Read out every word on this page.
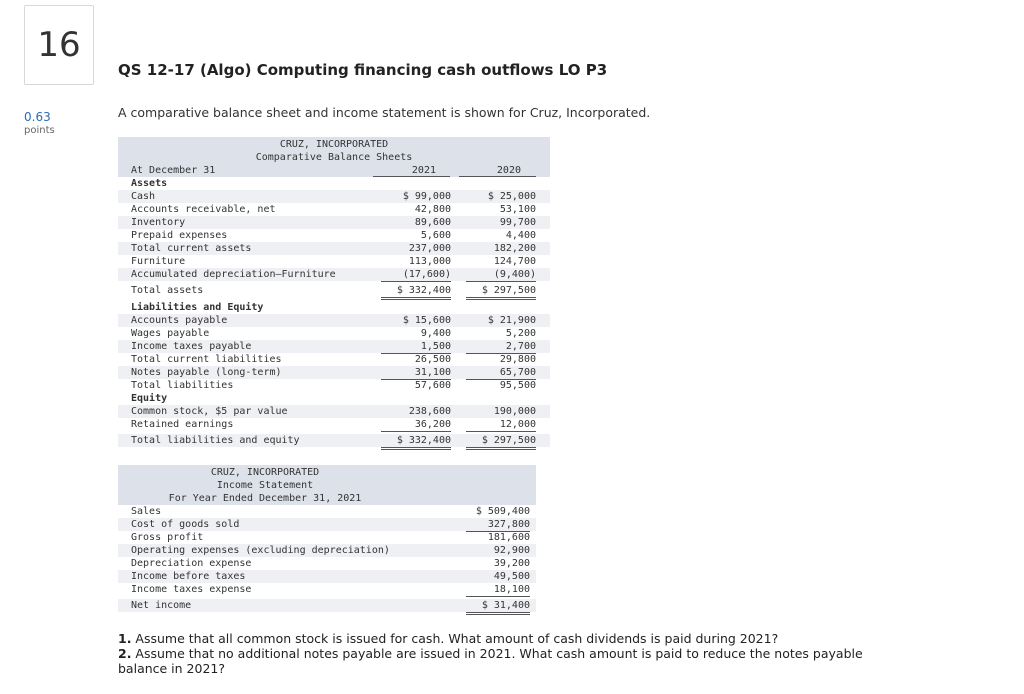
16
0.63
points
QS 12-17 (Algo) Computing financing cash outflows LO P3
A comparative balance sheet and income statement is shown for Cruz, Incorporated.
CRUZ, INCORPORATED
Comparative Balance Sheets
At December 31	2021	2020
Assets
Cash	$ 99,000	$ 25,000
Accounts receivable, net	42,800	53,100
Inventory	89,600	99,700
Prepaid expenses	5,600	4,400
Total current assets	237,000	182,200
Furniture	113,000	124,700
Accumulated depreciation—Furniture	(17,600)	(9,400)
Total assets	$ 332,400	$ 297,500
Liabilities and Equity
Accounts payable	$ 15,600	$ 21,900
Wages payable	9,400	5,200
Income taxes payable	1,500	2,700
Total current liabilities	26,500	29,800
Notes payable (long-term)	31,100	65,700
Total liabilities	57,600	95,500
Equity
Common stock, $5 par value	238,600	190,000
Retained earnings	36,200	12,000
Total liabilities and equity	$ 332,400	$ 297,500
CRUZ, INCORPORATED
Income Statement
For Year Ended December 31, 2021
Sales	$ 509,400
Cost of goods sold	327,800
Gross profit	181,600
Operating expenses (excluding depreciation)	92,900
Depreciation expense	39,200
Income before taxes	49,500
Income taxes expense	18,100
Net income	$ 31,400

1. Assume that all common stock is issued for cash. What amount of cash dividends is paid during 2021?

2. Assume that no additional notes payable are issued in 2021. What cash amount is paid to reduce the notes payable balance in 2021?
